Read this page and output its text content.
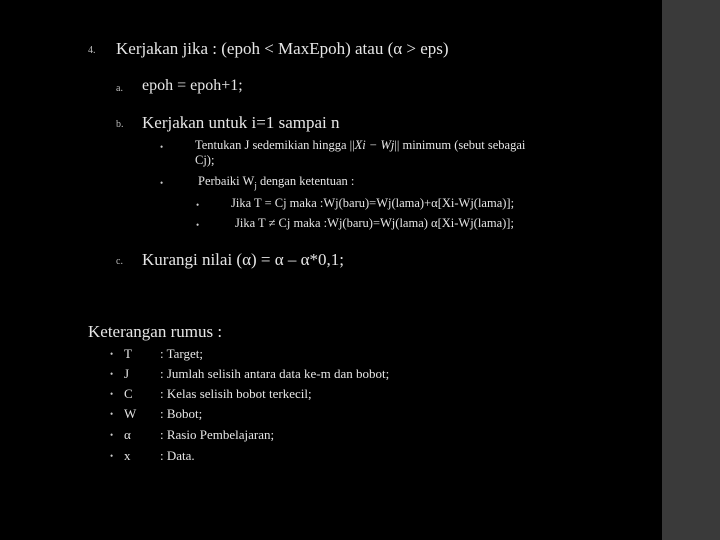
4. Kerjakan jika : (epoh < MaxEpoh) atau (α > eps)
a. epoh = epoh+1;
b. Kerjakan untuk i=1 sampai n
•	Tentukan J sedemikian hingga ||Xi − Wj|| minimum (sebut sebagai
Cj);
•	Perbaiki $W_j$ dengan ketentuan :
•	Jika T = Cj maka :Wj(baru)=Wj(lama)+α[Xi-Wj(lama)];
•	Jika T ≠ Cj maka :Wj(baru)=Wj(lama) α[Xi-Wj(lama)];
c. Kurangi nilai (α) = α – α*0,1;
Keterangan rumus :
• T : Target;
• J : Jumlah selisih antara data ke-m dan bobot;
• C : Kelas selisih bobot terkecil;
• W : Bobot;
• α : Rasio Pembelajaran;
• x : Data.
